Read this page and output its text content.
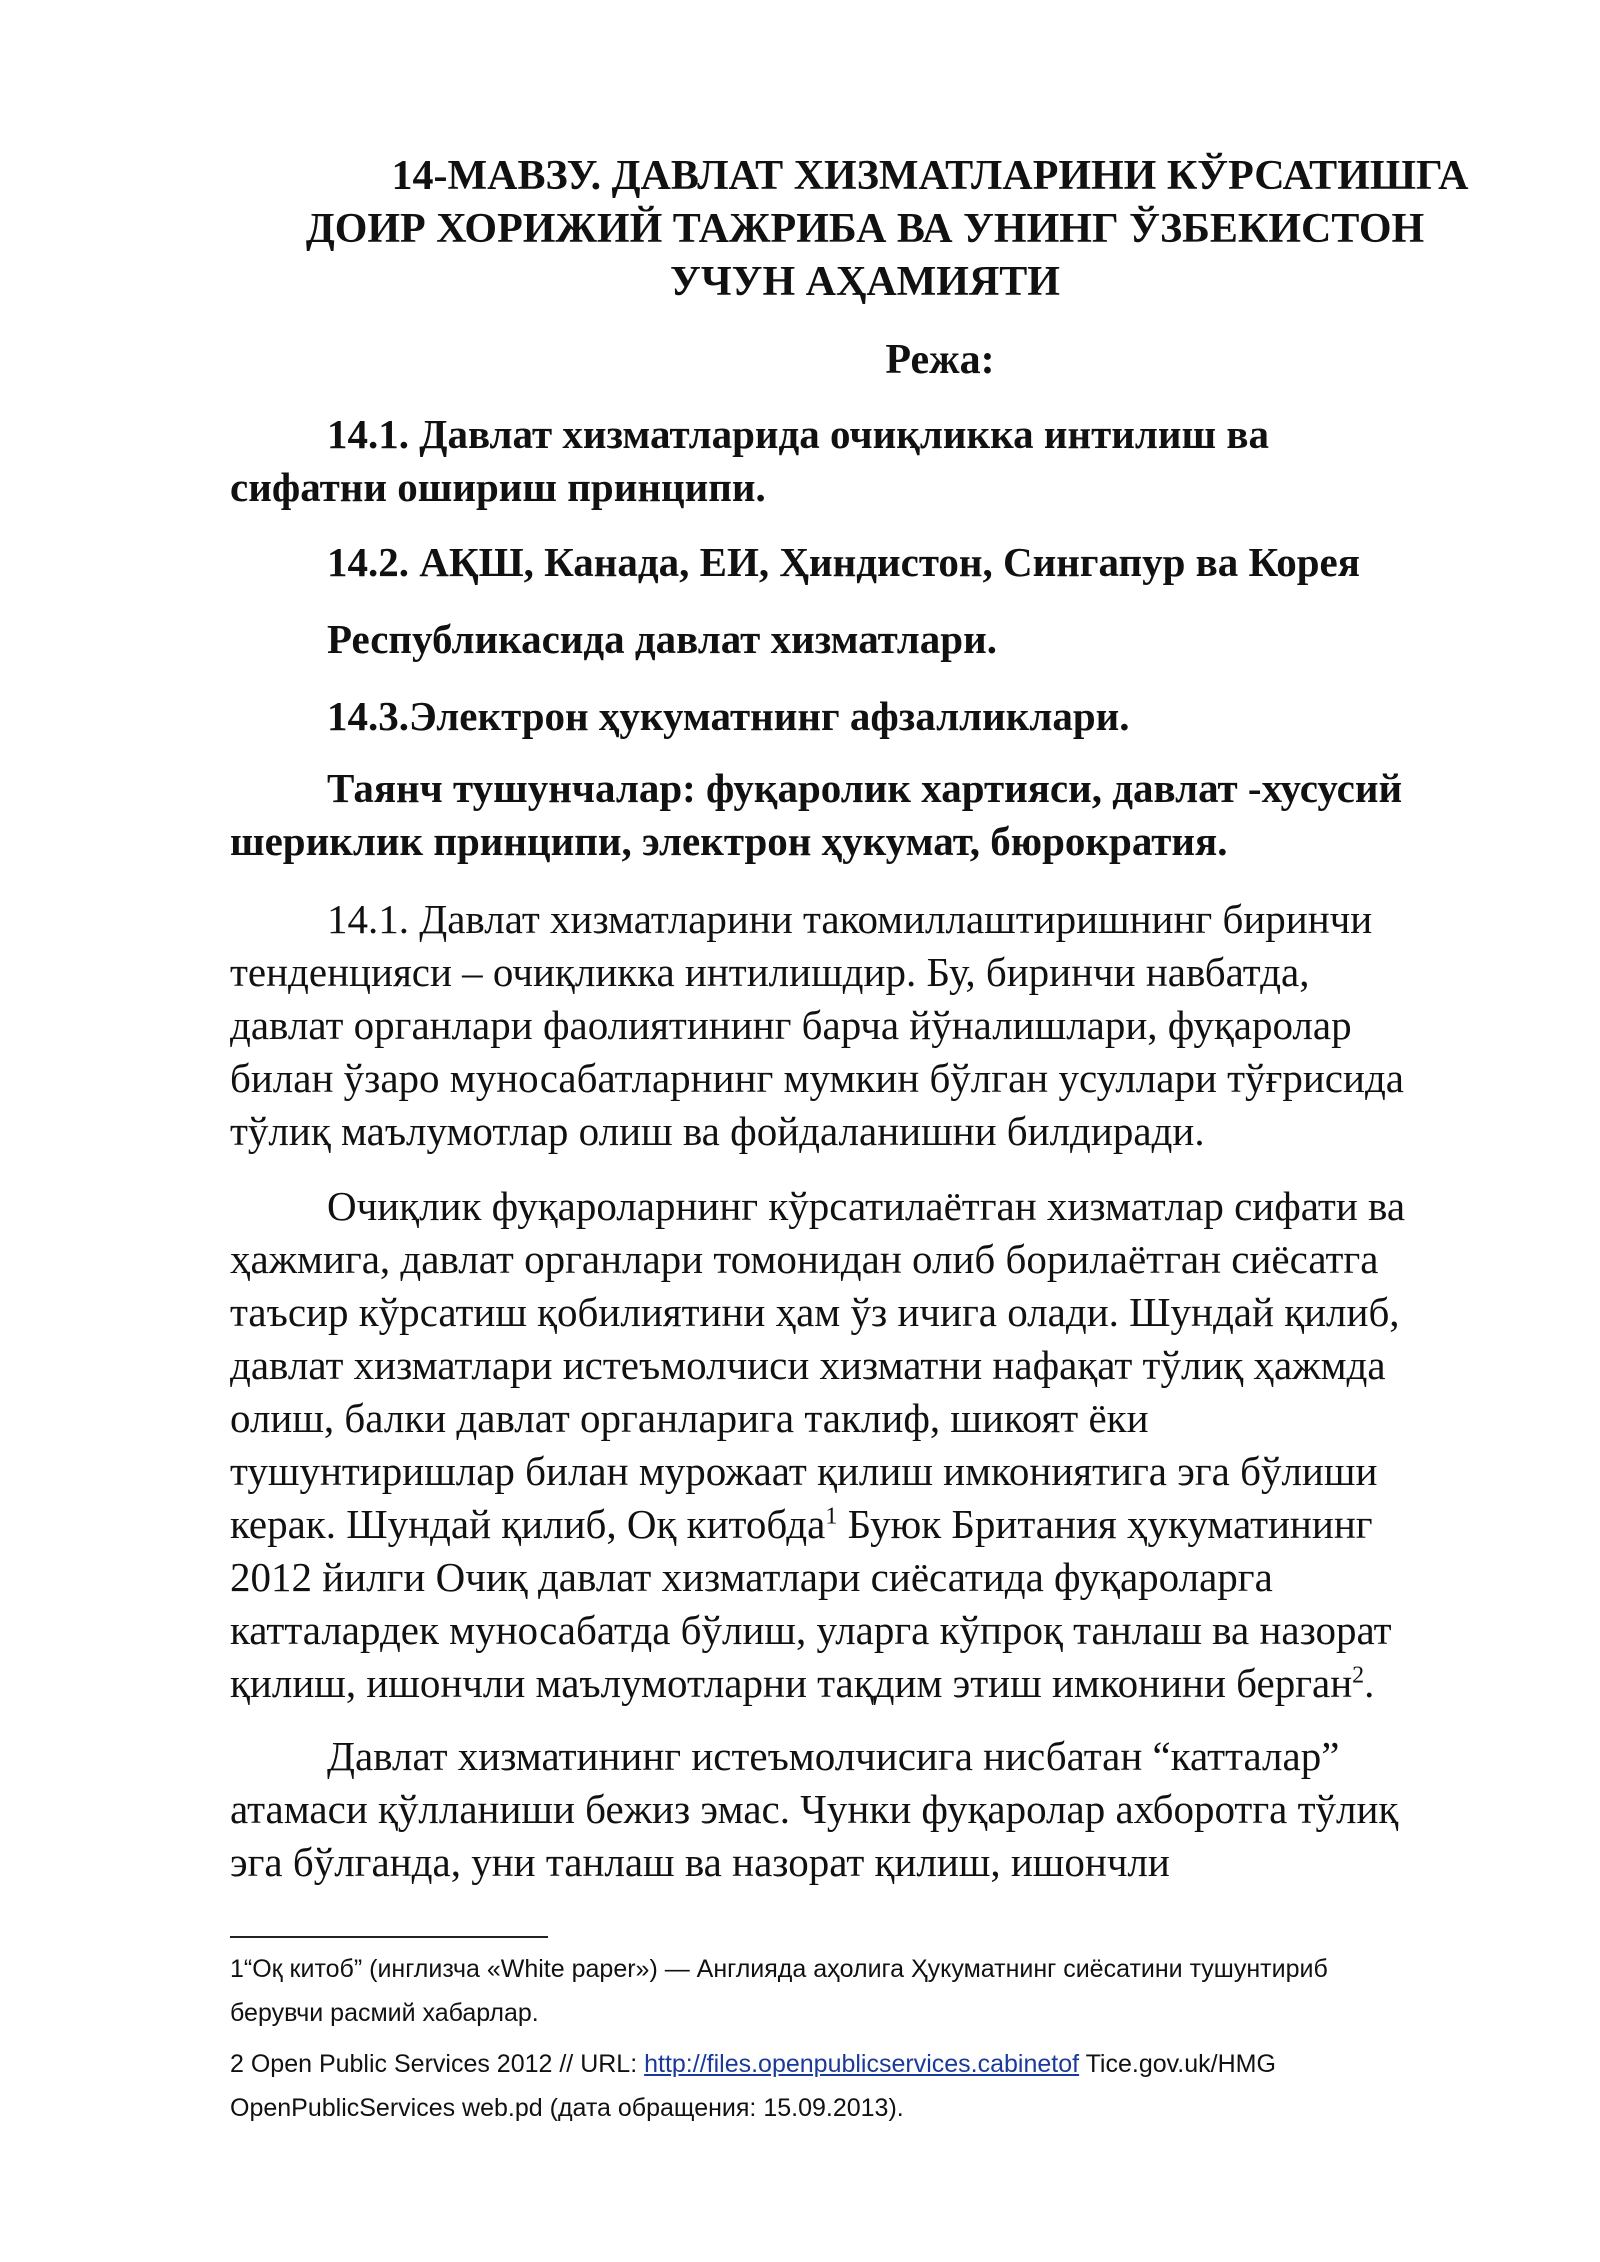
14-МАВЗУ. ДАВЛАТ ХИЗМАТЛАРИНИ КЎРСАТИШГА
ДОИР ХОРИЖИЙ ТАЖРИБА ВА УНИНГ ЎЗБЕКИСТОН
УЧУН АҲАМИЯТИ
Режа:
14.1. Давлат хизматларида очиқликка интилиш ва
сифатни ошириш принципи.
14.2. АҚШ, Канада, ЕИ, Ҳиндистон, Сингапур ва Корея
Республикасида давлат хизматлари.
14.3.Электрон ҳукуматнинг афзалликлари.
Таянч тушунчалар: фуқаролик хартияси, давлат -хусусий
шериклик принципи, электрон ҳукумат, бюрократия.
14.1. Давлат хизматларини такомиллаштиришнинг биринчи
тенденцияси – очиқликка интилишдир. Бу, биринчи навбатда,
давлат органлари фаолиятининг барча йўналишлари, фуқаролар
билан ўзаро муносабатларнинг мумкин бўлган усуллари тўғрисида
тўлиқ маълумотлар олиш ва фойдаланишни билдиради.
Очиқлик фуқароларнинг кўрсатилаётган хизматлар сифати ва
ҳажмига, давлат органлари томонидан олиб борилаётган сиёсатга
таъсир кўрсатиш қобилиятини ҳам ўз ичига олади. Шундай қилиб,
давлат хизматлари истеъмолчиси хизматни нафақат тўлиқ ҳажмда
олиш, балки давлат органларига таклиф, шикоят ёки
тушунтиришлар билан мурожаат қилиш имкониятига эга бўлиши
керак. Шундай қилиб, Оқ китобда$^1$ Буюк Британия ҳукуматининг
2012 йилги Очиқ давлат хизматлари сиёсатида фуқароларга
катталардек муносабатда бўлиш, уларга кўпроқ танлаш ва назорат
қилиш, ишончли маълумотларни тақдим этиш имконини берган$^2$.
Давлат хизматининг истеъмолчисига нисбатан “катталар”
атамаси қўлланиши бежиз эмас. Чунки фуқаролар ахборотга тўлиқ
эга бўлганда, уни танлаш ва назорат қилиш, ишончли
1“Оқ китоб” (инглизча «White paper») — Англияда аҳолига Ҳукуматнинг сиёсатини тушунтириб
берувчи расмий хабарлар.
2 Open Public Services 2012 // URL: http://files.openpublicservices.cabinetof Tice.gov.uk/HMG
OpenPublicServices web.pd (дата обращения: 15.09.2013).
